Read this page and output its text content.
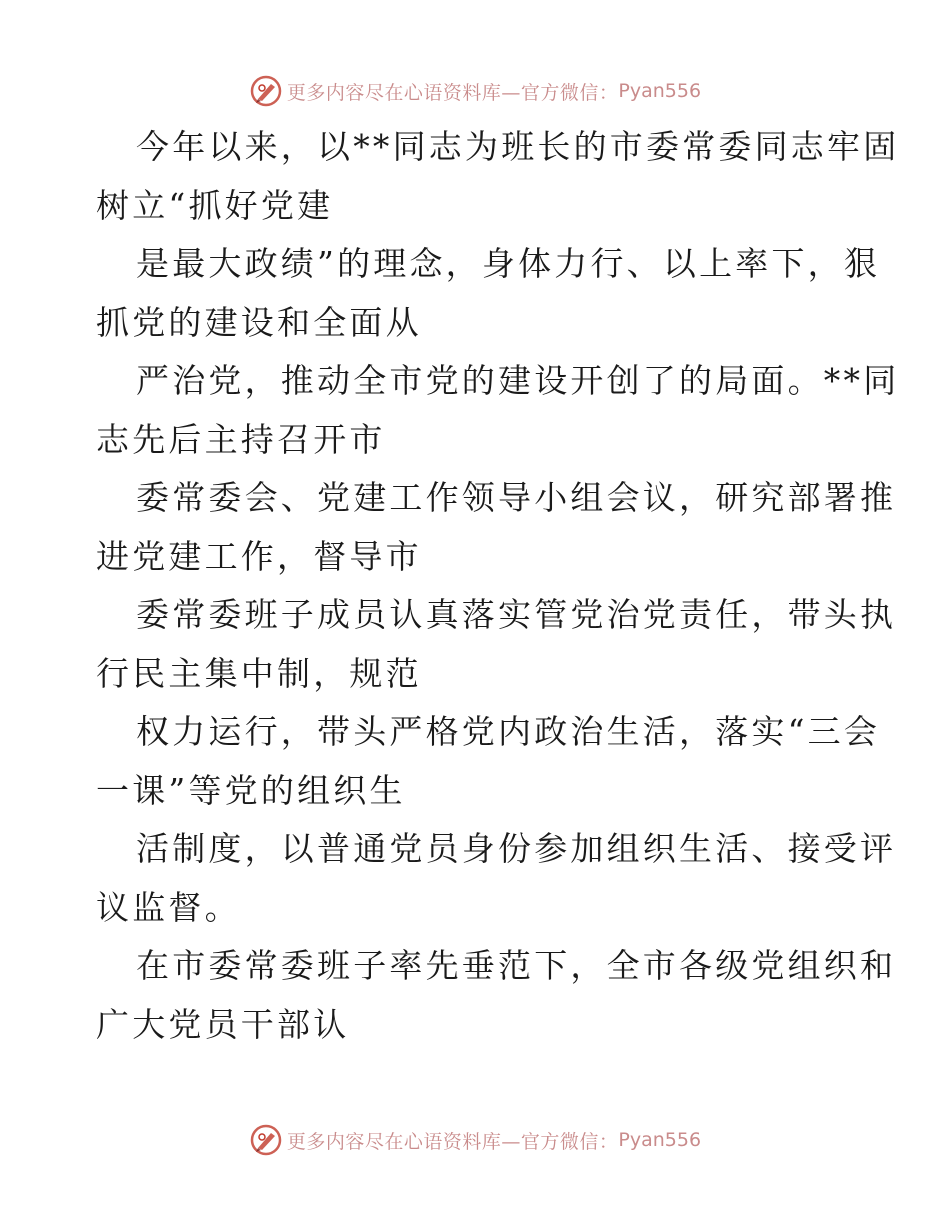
更多内容尽在心语资料库—官方微信： Pyan556
今年以来，以**同志为班长的市委常委同志牢固
树立“抓好党建
是最大政绩”的理念，身体力行、以上率下，狠
抓党的建设和全面从
严治党，推动全市党的建设开创了的局面。**同
志先后主持召开市
委常委会、党建工作领导小组会议，研究部署推
进党建工作，督导市
委常委班子成员认真落实管党治党责任，带头执
行民主集中制，规范
权力运行，带头严格党内政治生活，落实“三会
一课”等党的组织生
活制度，以普通党员身份参加组织生活、接受评
议监督。
在市委常委班子率先垂范下，全市各级党组织和
广大党员干部认
更多内容尽在心语资料库—官方微信： Pyan556
